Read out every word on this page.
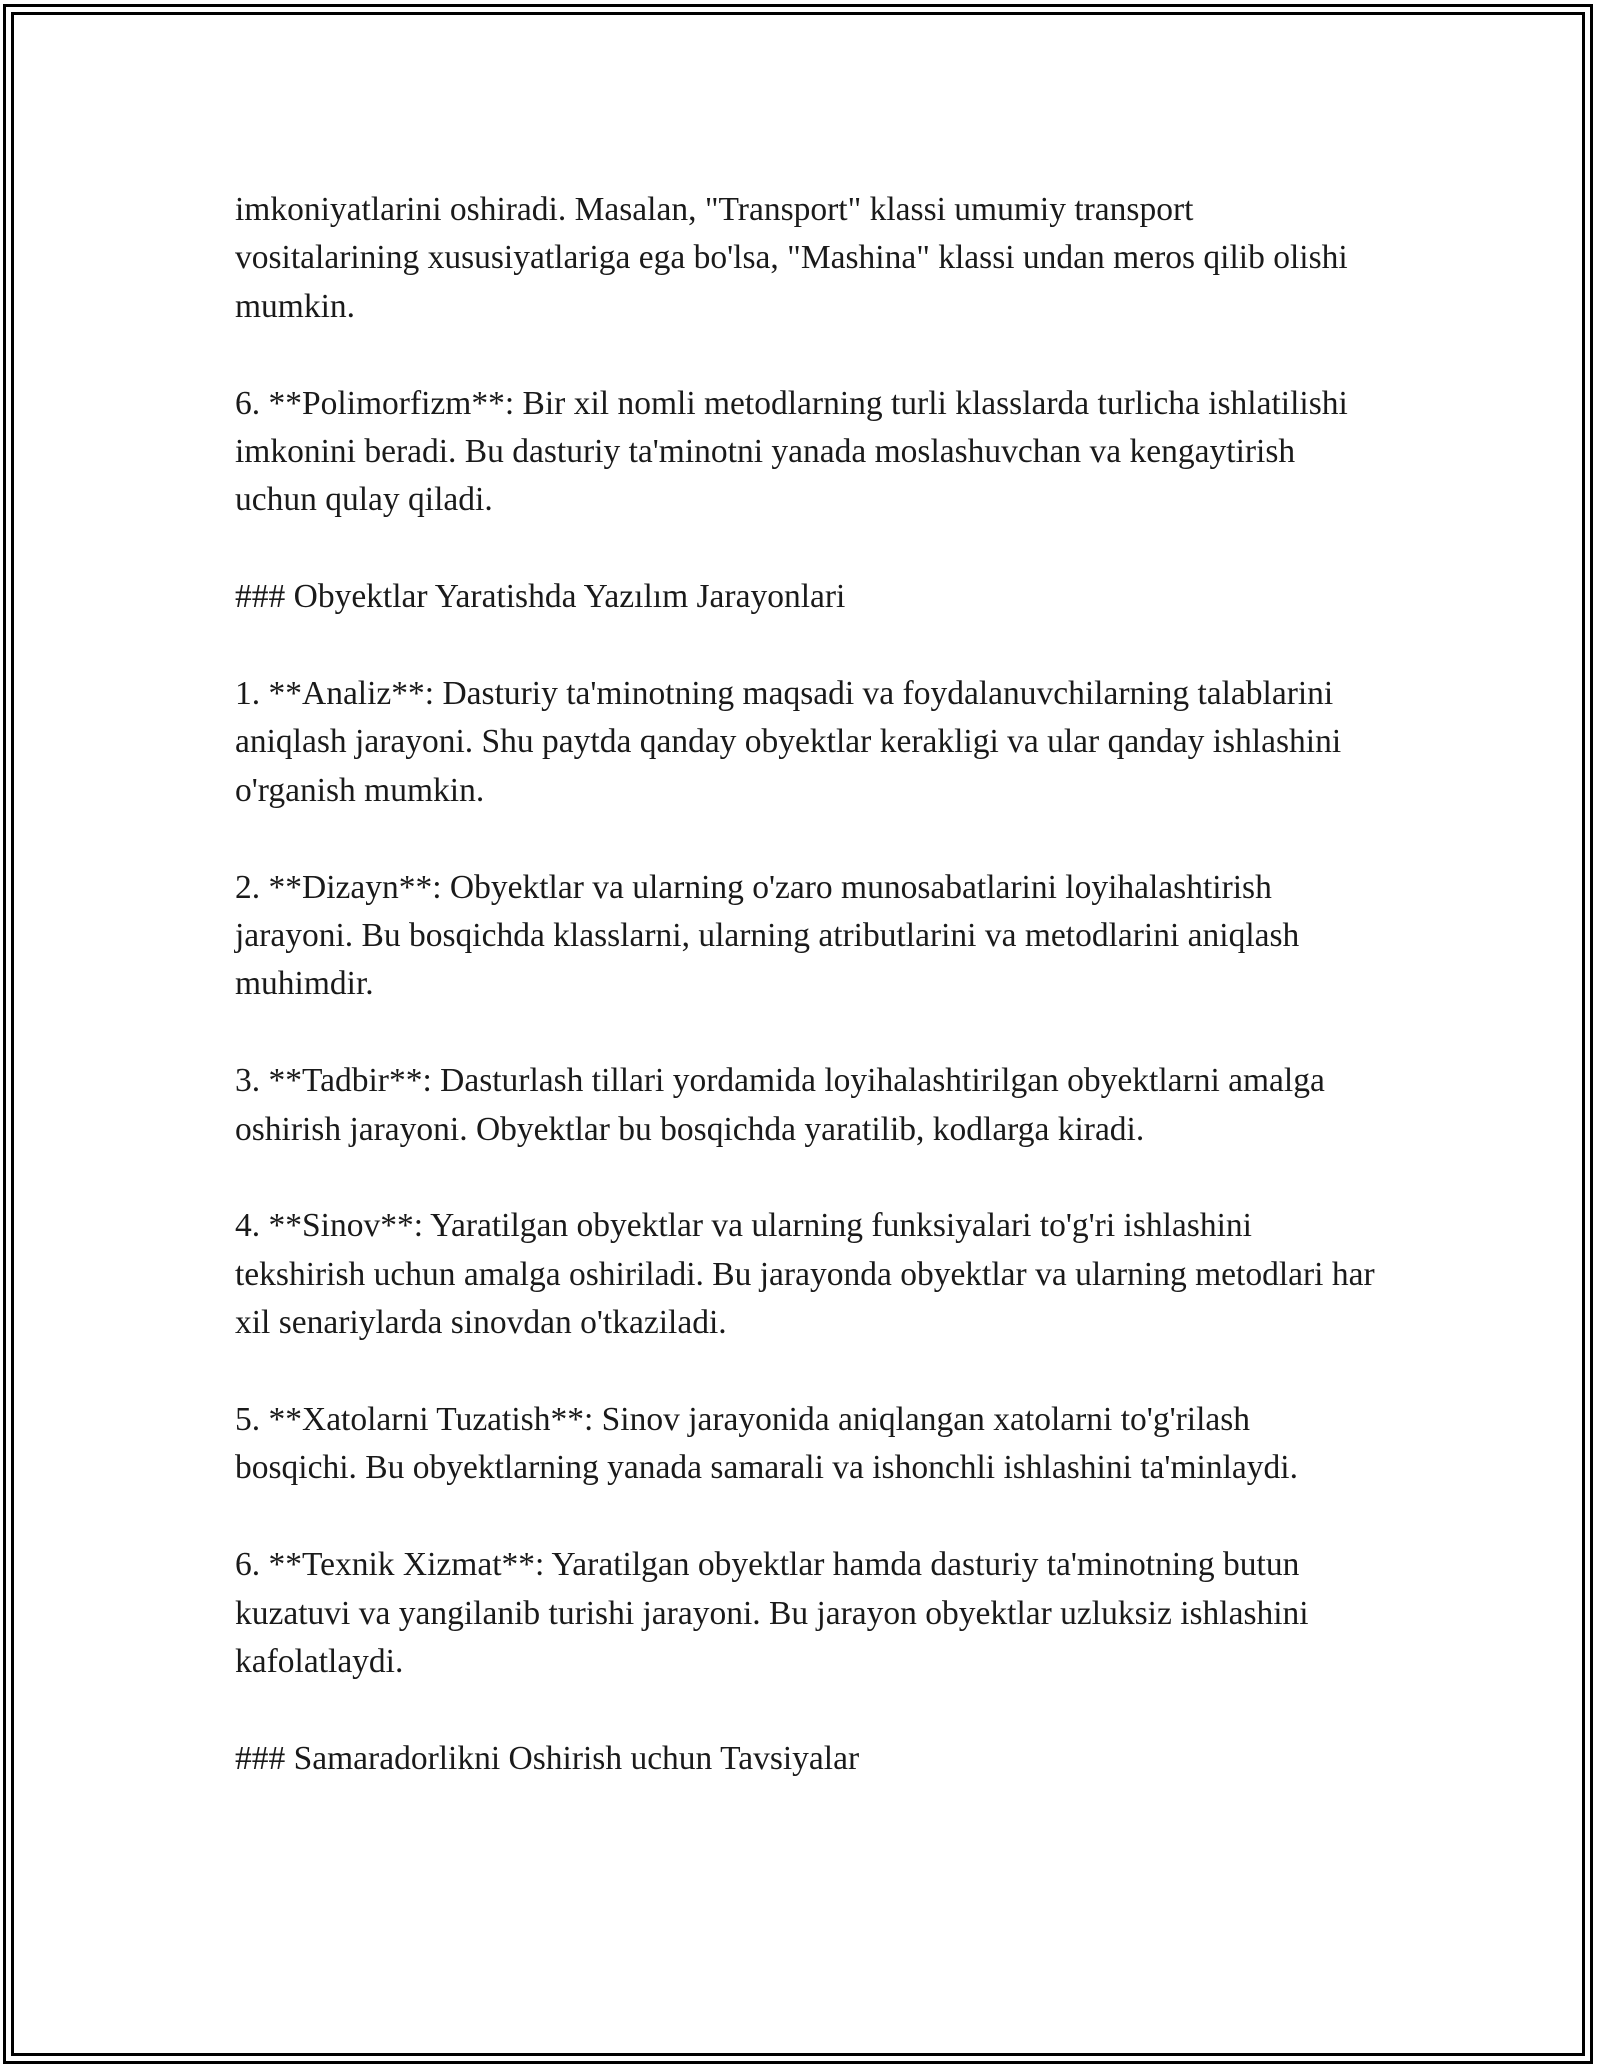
imkoniyatlarini oshiradi. Masalan, "Transport" klassi umumiy transport vositalarining xususiyatlariga ega bo'lsa, "Mashina" klassi undan meros qilib olishi mumkin.

6. **Polimorfizm**: Bir xil nomli metodlarning turli klasslarda turlicha ishlatilishi imkonini beradi. Bu dasturiy ta'minotni yanada moslashuvchan va kengaytirish uchun qulay qiladi.

### Obyektlar Yaratishda Yazılım Jarayonlari

1. **Analiz**: Dasturiy ta'minotning maqsadi va foydalanuvchilarning talablarini aniqlash jarayoni. Shu paytda qanday obyektlar kerakligi va ular qanday ishlashini o'rganish mumkin.

2. **Dizayn**: Obyektlar va ularning o'zaro munosabatlarini loyihalashtirish jarayoni. Bu bosqichda klasslarni, ularning atributlarini va metodlarini aniqlash muhimdir.

3. **Tadbir**: Dasturlash tillari yordamida loyihalashtirilgan obyektlarni amalga oshirish jarayoni. Obyektlar bu bosqichda yaratilib, kodlarga kiradi.

4. **Sinov**: Yaratilgan obyektlar va ularning funksiyalari to'g'ri ishlashini tekshirish uchun amalga oshiriladi. Bu jarayonda obyektlar va ularning metodlari har xil senariylarda sinovdan o'tkaziladi.

5. **Xatolarni Tuzatish**: Sinov jarayonida aniqlangan xatolarni to'g'rilash bosqichi. Bu obyektlarning yanada samarali va ishonchli ishlashini ta'minlaydi.

6. **Texnik Xizmat**: Yaratilgan obyektlar hamda dasturiy ta'minotning butun kuzatuvi va yangilanib turishi jarayoni. Bu jarayon obyektlar uzluksiz ishlashini kafolatlaydi.

### Samaradorlikni Oshirish uchun Tavsiyalar
